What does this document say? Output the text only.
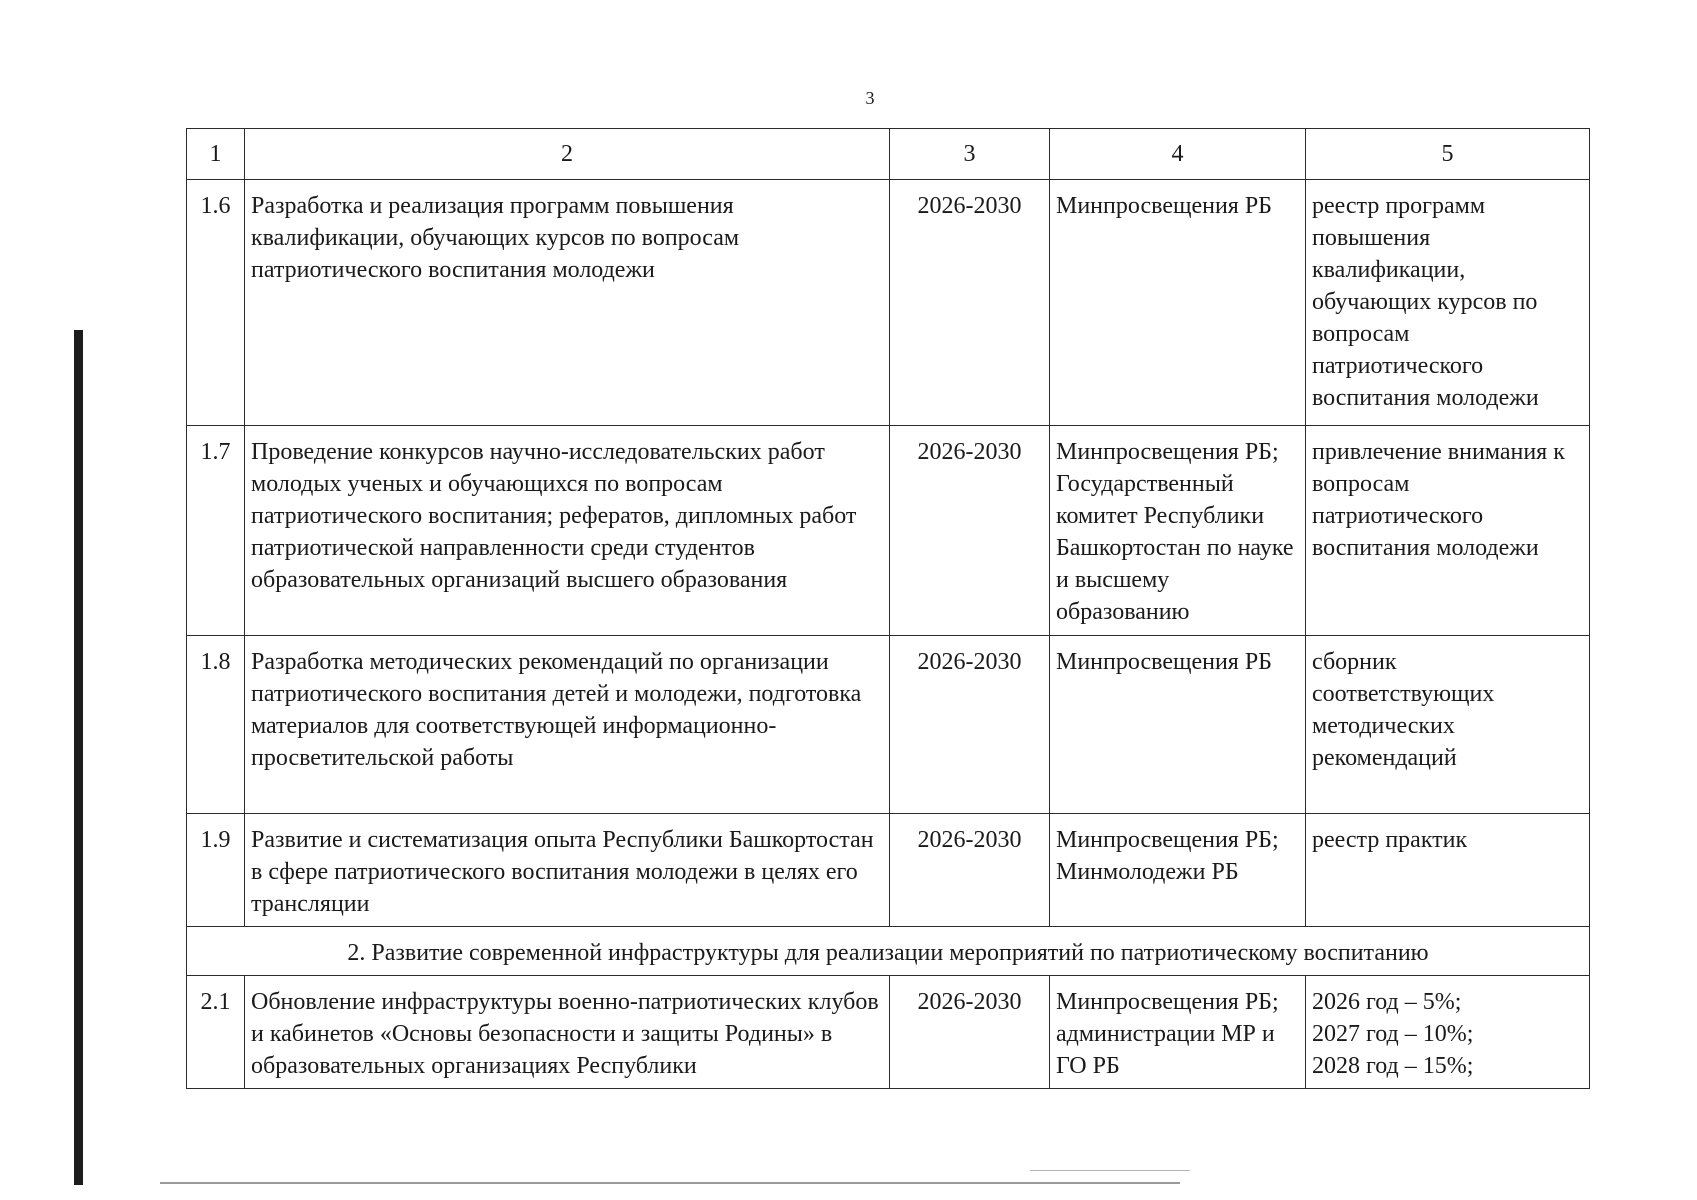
3
1	2	3	4	5
1.6	Разработка и реализация программ повышения квалификации, обучающих курсов по вопросам патриотического воспитания молодежи	2026-2030	Минпросвещения РБ	реестр программ повышения квалификации, обучающих курсов по вопросам патриотического воспитания молодежи
1.7	Проведение конкурсов научно-исследовательских работ молодых ученых и обучающихся по вопросам патриотического воспитания; рефератов, дипломных работ патриотической направленности среди студентов образовательных организаций высшего образования	2026-2030	Минпросвещения РБ; Государственный комитет Республики Башкортостан по науке и высшему образованию	привлечение внимания к вопросам патриотического воспитания молодежи
1.8	Разработка методических рекомендаций по организации патриотического воспитания детей и молодежи, подготовка материалов для соответствующей информационно-просветительской работы	2026-2030	Минпросвещения РБ	сборник соответствующих методических рекомендаций
1.9	Развитие и систематизация опыта Республики Башкортостан в сфере патриотического воспитания молодежи в целях его трансляции	2026-2030	Минпросвещения РБ; Минмолодежи РБ	реестр практик
2. Развитие современной инфраструктуры для реализации мероприятий по патриотическому воспитанию				
2.1	Обновление инфраструктуры военно-патриотических клубов и кабинетов «Основы безопасности и защиты Родины» в образовательных организациях Республики	2026-2030	Минпросвещения РБ; администрации МР и ГО РБ	2026 год – 5%;
2027 год – 10%;
2028 год – 15%;
